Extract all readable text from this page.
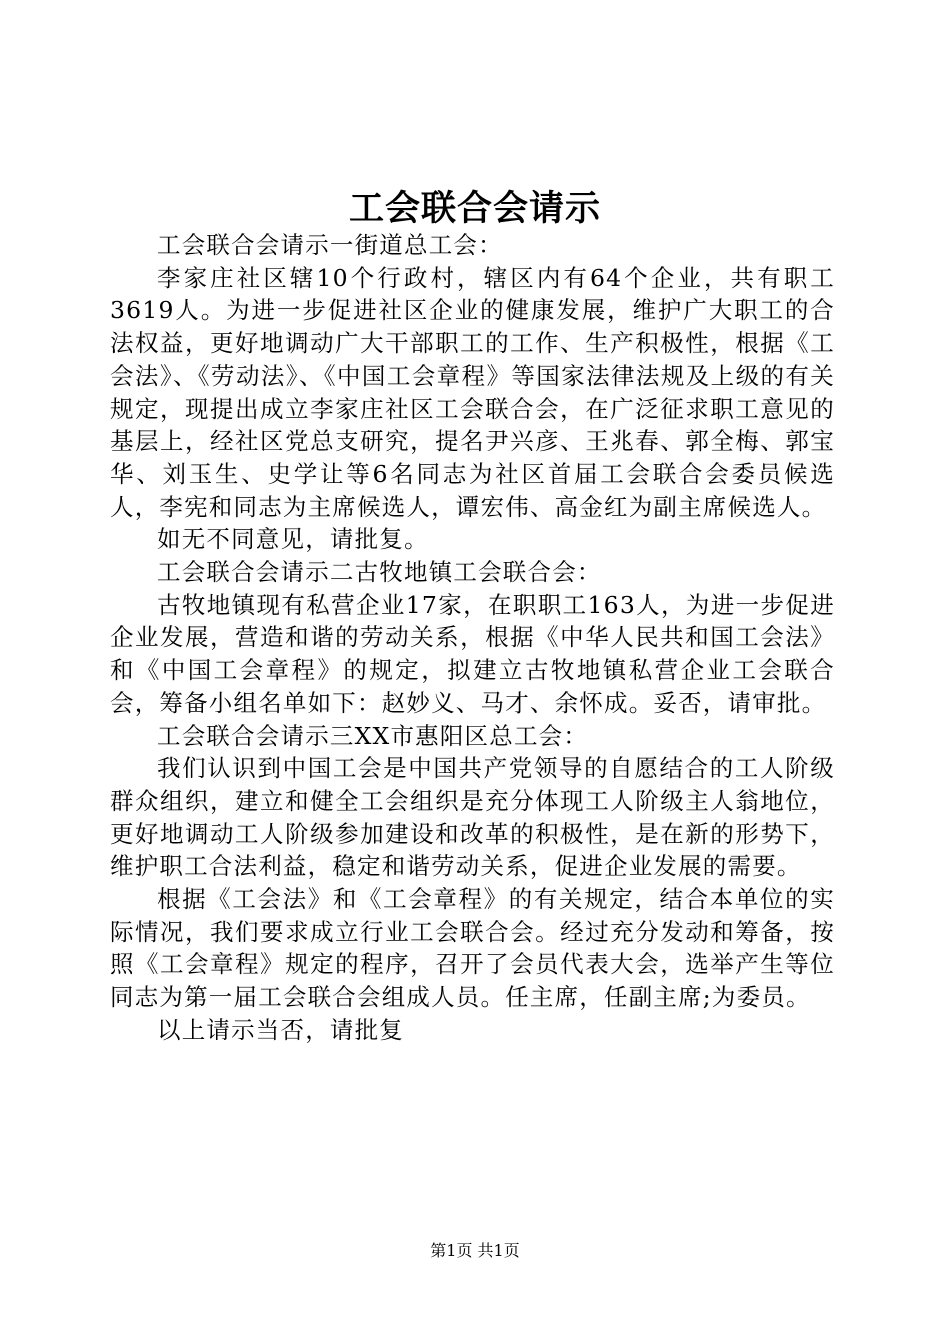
工会联合会请示

工会联合会请示一街道总工会：

李家庄社区辖10个行政村，辖区内有64个企业，共有职工3619人。为进一步促进社区企业的健康发展，维护广大职工的合法权益，更好地调动广大干部职工的工作、生产积极性，根据《工会法》、《劳动法》、《中国工会章程》等国家法律法规及上级的有关规定，现提出成立李家庄社区工会联合会，在广泛征求职工意见的基层上，经社区党总支研究，提名尹兴彦、王兆春、郭全梅、郭宝华、刘玉生、史学让等6名同志为社区首届工会联合会委员候选人，李宪和同志为主席候选人，谭宏伟、高金红为副主席候选人。

如无不同意见，请批复。

工会联合会请示二古牧地镇工会联合会：

古牧地镇现有私营企业17家，在职职工163人，为进一步促进企业发展，营造和谐的劳动关系，根据《中华人民共和国工会法》和《中国工会章程》的规定，拟建立古牧地镇私营企业工会联合会，筹备小组名单如下：赵妙义、马才、余怀成。妥否，请审批。

工会联合会请示三XX市惠阳区总工会：

我们认识到中国工会是中国共产党领导的自愿结合的工人阶级群众组织，建立和健全工会组织是充分体现工人阶级主人翁地位，更好地调动工人阶级参加建设和改革的积极性，是在新的形势下，维护职工合法利益，稳定和谐劳动关系，促进企业发展的需要。

根据《工会法》和《工会章程》的有关规定，结合本单位的实际情况，我们要求成立行业工会联合会。经过充分发动和筹备，按照《工会章程》规定的程序，召开了会员代表大会，选举产生等位同志为第一届工会联合会组成人员。任主席，任副主席;为委员。

以上请示当否，请批复

第1页 共1页
